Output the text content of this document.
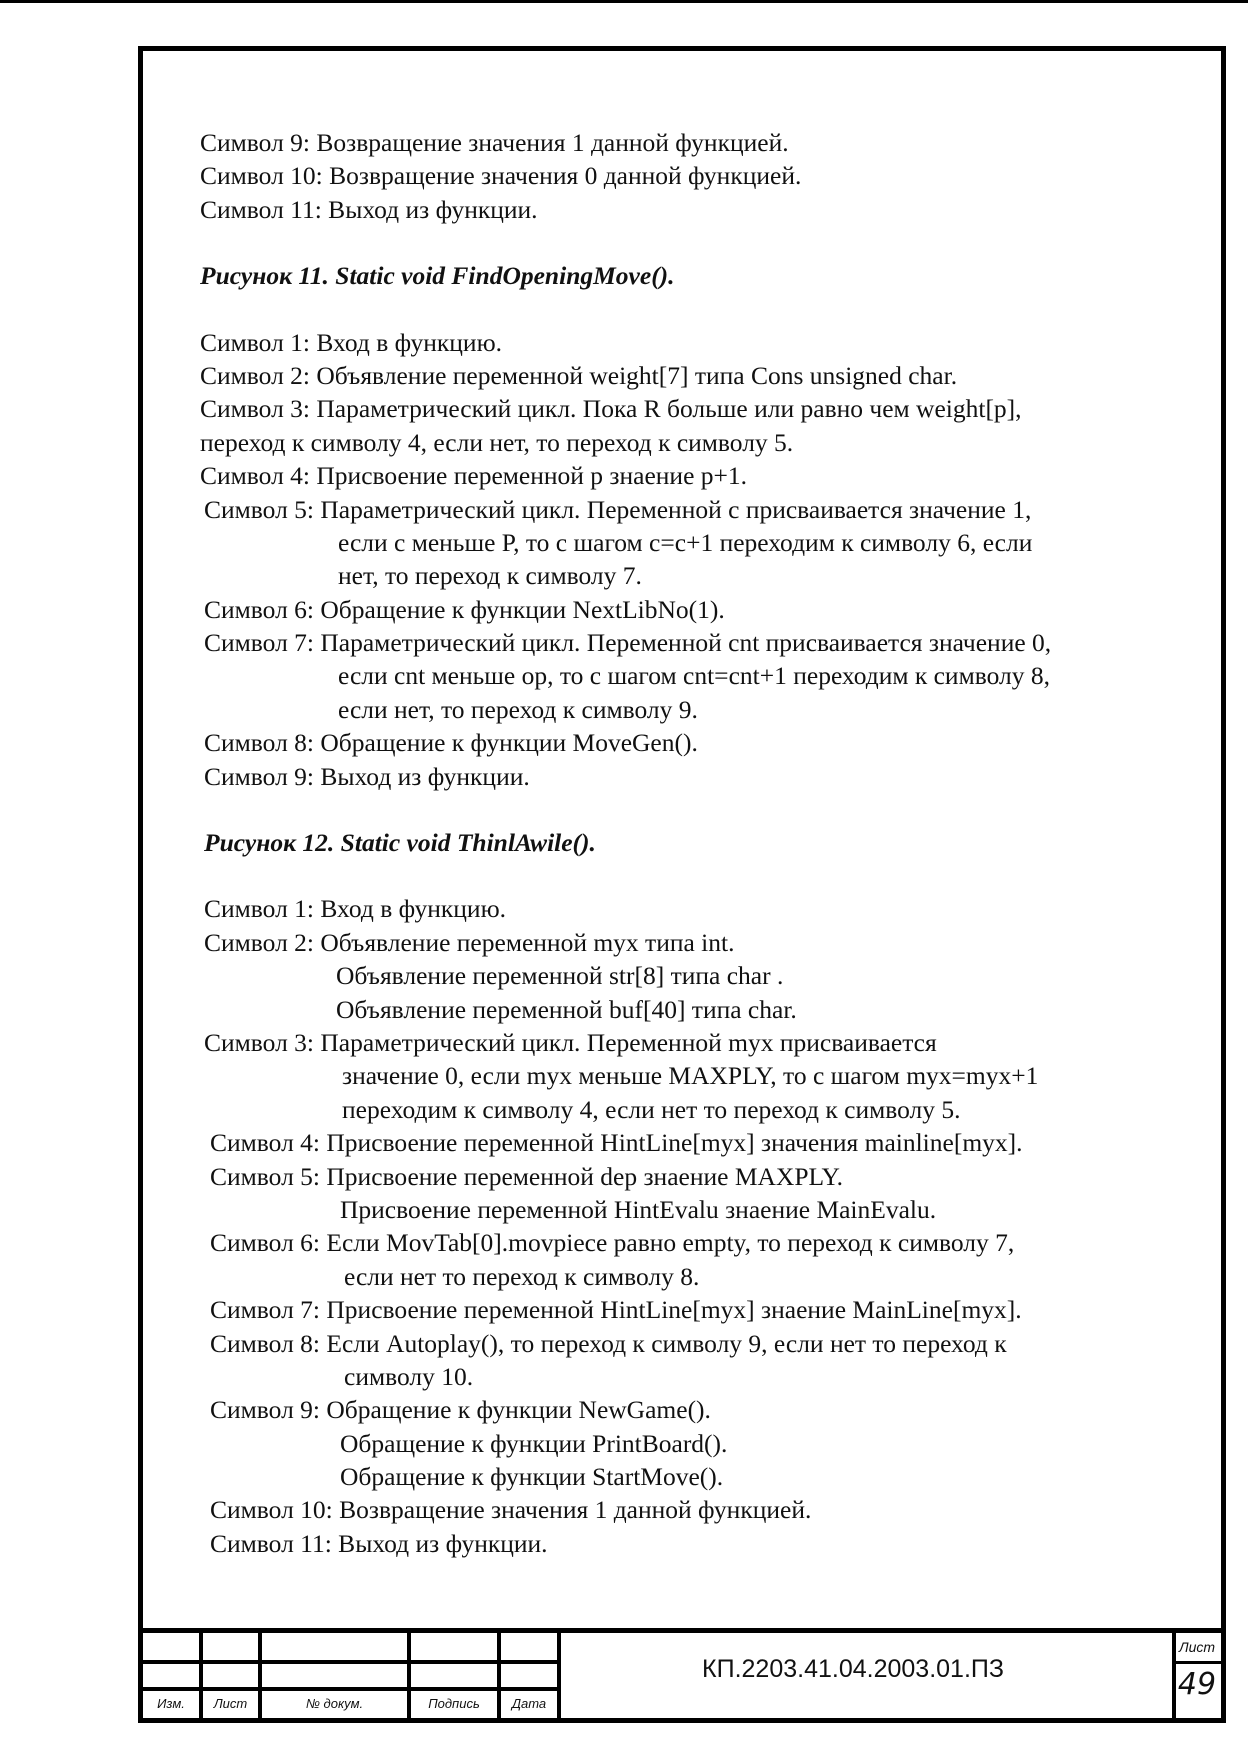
Символ 9: Возвращение значения 1 данной функцией.
Символ 10: Возвращение значения 0 данной функцией.
Символ 11: Выход из функции.
Рисунок 11. Static void FindOpeningMove().
Символ 1: Вход в функцию.
Символ 2: Объявление переменной weight[7] типа Cons unsigned char.
Символ 3: Параметрический цикл. Пока R больше или равно чем weight[p],
переход к символу 4, если нет, то переход к символу 5.
Символ 4: Присвоение переменной p знаение p+1.
Символ 5: Параметрический цикл. Переменной c присваивается значение 1,
если c меньше P, то c шагом c=c+1 переходим к символу 6, если
нет, то переход к символу 7.
Символ 6: Обращение к функции NextLibNo(1).
Символ 7: Параметрический цикл. Переменной cnt присваивается значение 0,
если cnt меньше op, то с шагом cnt=cnt+1 переходим к символу 8,
если нет, то переход к символу 9.
Символ 8: Обращение к функции MoveGen().
Символ 9: Выход из функции.
Рисунок 12. Static void ThinlAwile().
Символ 1: Вход в функцию.
Символ 2: Объявление переменной myx типа int.
Объявление переменной str[8] типа char .
Объявление переменной buf[40] типа char.
Символ 3: Параметрический цикл. Переменной myx присваивается
значение 0, если myx меньше MAXPLY, то с шагом myx=myx+1
переходим к символу 4, если нет то переход к символу 5.
Символ 4: Присвоение переменной HintLine[myx] значения mainline[myx].
Символ 5: Присвоение переменной dep знаение MAXPLY.
Присвоение переменной HintEvalu знаение MainEvalu.
Символ 6: Если MovTab[0].movpiece равно empty, то переход к символу 7,
если нет то переход к символу 8.
Символ 7: Присвоение переменной HintLine[myx] знаение MainLine[myx].
Символ 8: Если Autoplay(), то переход к символу 9, если нет то переход к
символу 10.
Символ 9: Обращение к функции NewGame().
Обращение к функции PrintBoard().
Обращение к функции StartMove().
Символ 10: Возвращение значения 1 данной функцией.
Символ 11: Выход из функции.
Изм.	Лист	№ докум.	Подпись	Дата
КП.2203.41.04.2003.01.ПЗ
Лист
49
